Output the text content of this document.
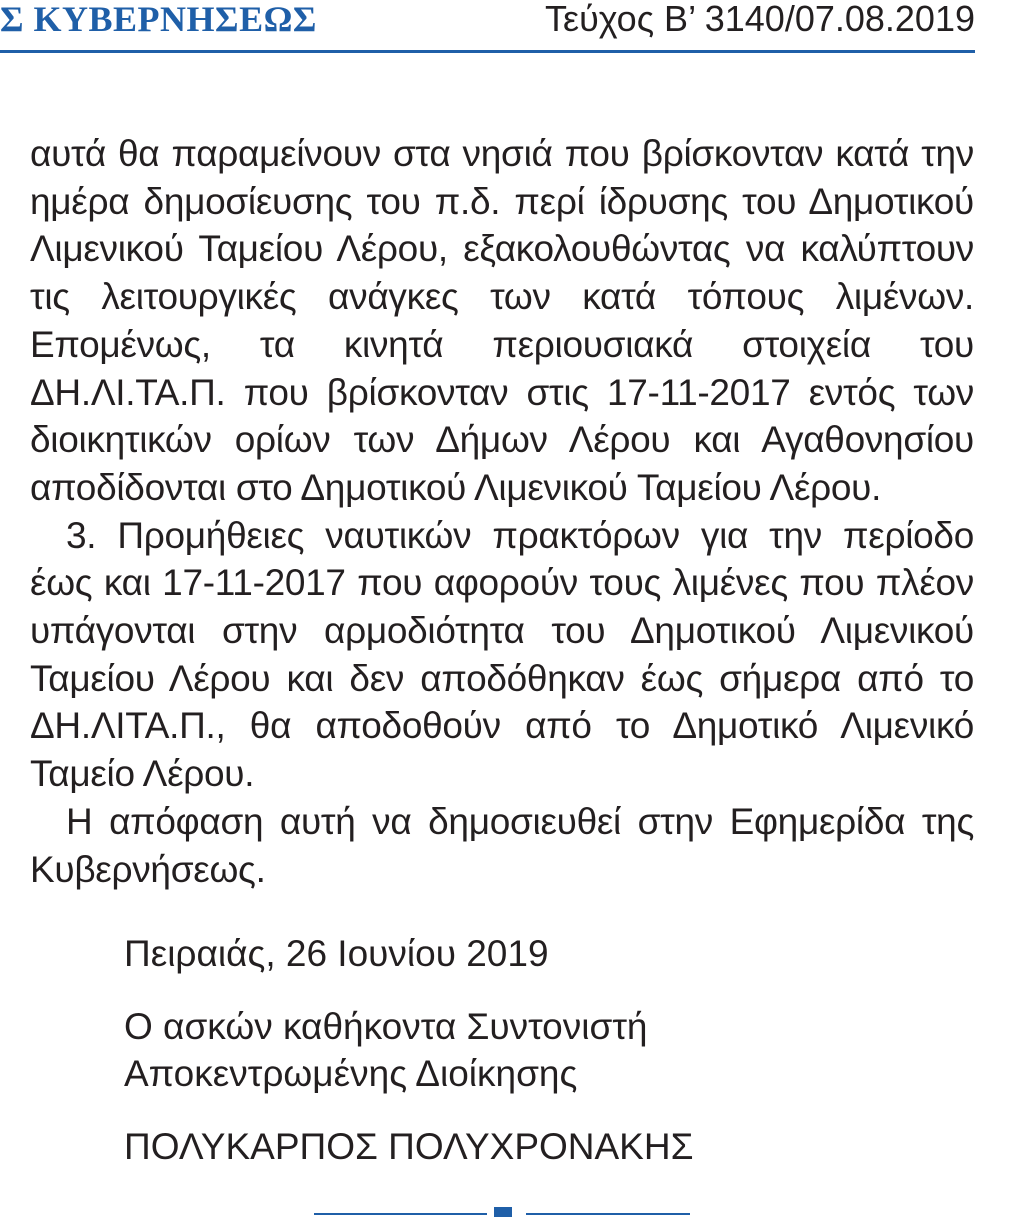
Σ ΚΥΒΕΡΝΗΣΕΩΣ	Τεύχος Β’ 3140/07.08.2019

αυτά θα παραμείνουν στα νησιά που βρίσκονταν κατά την ημέρα δημοσίευσης του π.δ. περί ίδρυσης του Δημοτικού Λιμενικού Ταμείου Λέρου, εξακολουθώντας να καλύπτουν τις λειτουργικές ανάγκες των κατά τόπους λιμένων. Επομένως, τα κινητά περιουσιακά στοιχεία του ΔΗ.ΛΙ.ΤΑ.Π. που βρίσκονταν στις 17-11-2017 εντός των διοικητικών ορίων των Δήμων Λέρου και Αγαθονησίου αποδίδονται στο Δημοτικού Λιμενικού Ταμείου Λέρου.

3. Προμήθειες ναυτικών πρακτόρων για την περίοδο έως και 17-11-2017 που αφορούν τους λιμένες που πλέον υπάγονται στην αρμοδιότητα του Δημοτικού Λιμενικού Ταμείου Λέρου και δεν αποδόθηκαν έως σήμερα από το ΔΗ.ΛΙΤΑ.Π., θα αποδοθούν από το Δημοτικό Λιμενικό Ταμείο Λέρου.

Η απόφαση αυτή να δημοσιευθεί στην Εφημερίδα της Κυβερνήσεως.

Πειραιάς, 26 Ιουνίου 2019

Ο ασκών καθήκοντα Συντονιστή

Αποκεντρωμένης Διοίκησης

ΠΟΛΥΚΑΡΠΟΣ ΠΟΛΥΧΡΟΝΑΚΗΣ
